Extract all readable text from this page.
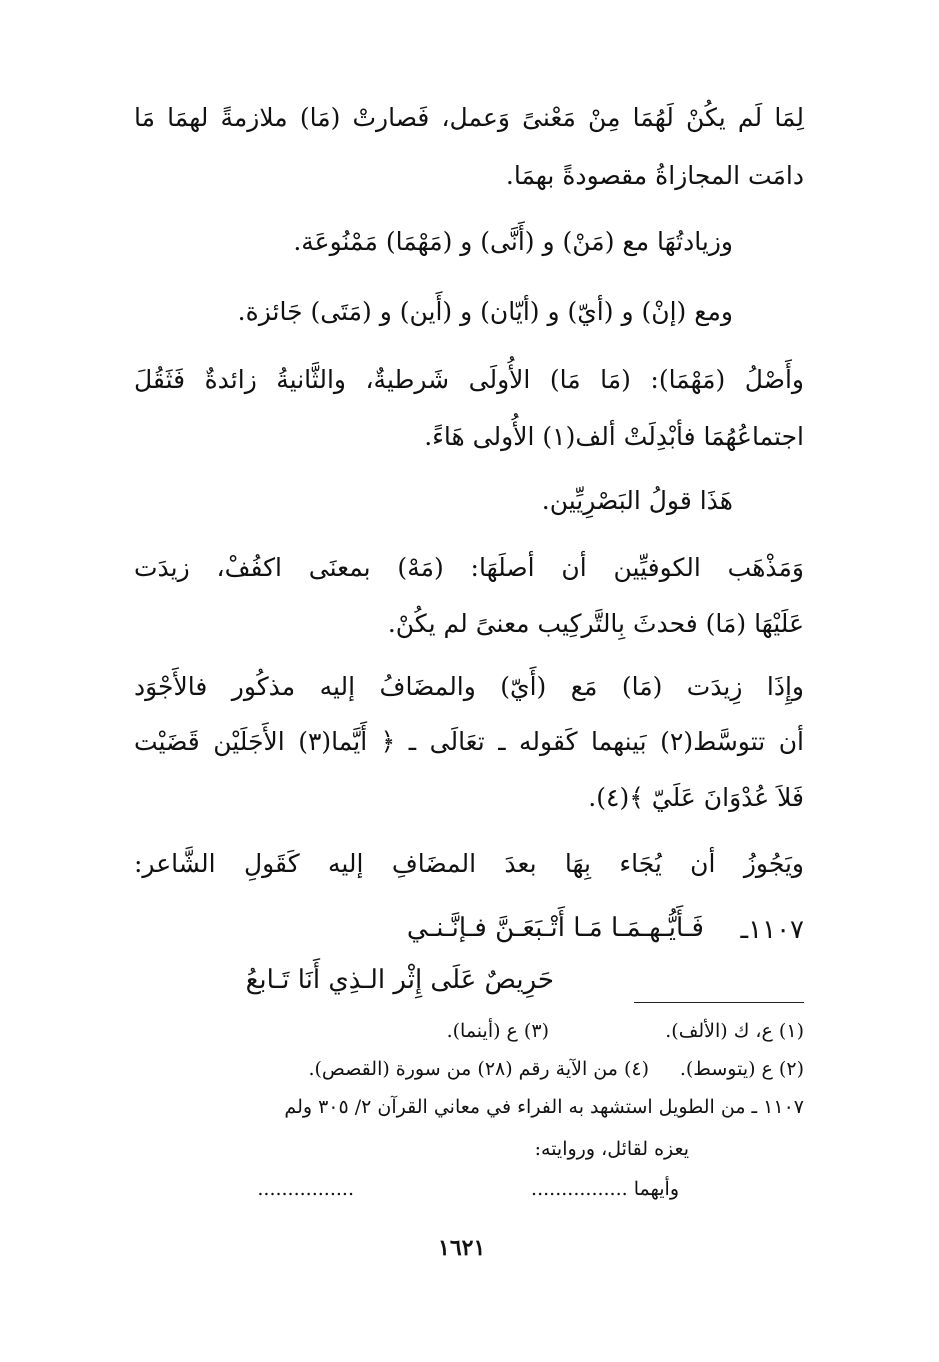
لِمَا لَم يكُنْ لَهُمَا مِنْ مَعْنىً وَعمل، فَصارتْ (مَا) ملازمةً لهمَا مَا
دامَت المجازاةُ مقصودةً بهمَا.
وزيادتُهَا مع (مَنْ) و (أَنَّى) و (مَهْمَا) مَمْنُوعَة.
ومع (إنْ) و (أيّ) و (أيّان) و (أَين) و (مَتَى) جَائزة.
وأَصْلُ (مَهْمَا): (مَا مَا) الأُولَى شَرطيةٌ، والثَّانيةُ زائدةٌ فَثَقُلَ
اجتماعُهُمَا فأبْدِلَتْ ألف(١) الأُولى هَاءً.
هَذَا قولُ البَصْرِيِّين.
وَمَذْهَب الكوفيِّين أن أصلَهَا: (مَهْ) بمعنَى اكفُفْ، زيدَت
عَلَيْهَا (مَا) فحدثَ بِالتَّركِيب معنىً لم يكُنْ.
وإِذَا زِيدَت (مَا) مَع (أَيّ) والمضَافُ إليه مذكُور فالأَجْوَد
أن تتوسَّط(٢) بَينهما كَقوله ـ تعَالَى ـ ﴿ أَيَّما(٣) الأَجَلَيْن قَضَيْت
فَلاَ عُدْوَانَ عَلَيّ ﴾(٤).
ويَجُوزُ أن يُجَاء بِهَا بعدَ المضَافِ إليه كَقَولِ الشَّاعر:
١١٠٧ـ
فَـأَيُّـهـمَـا مَـا أَتْـبَعَـنَّ فـإنَّـنـي
حَرِيصٌ عَلَى إِثْر الـذِي أَنَا تَـابعُ
(١) ع، ك (الألف).
(٣) ع (أينما).
(٢) ع (يتوسط).
(٤) من الآية رقم (٢٨) من سورة (القصص).
١١٠٧ ـ من الطويل استشهد به الفراء في معاني القرآن ٢/ ٣٠٥ ولم
يعزه لقائل، وروايته:
وأيهما ................
................
١٦٢١
